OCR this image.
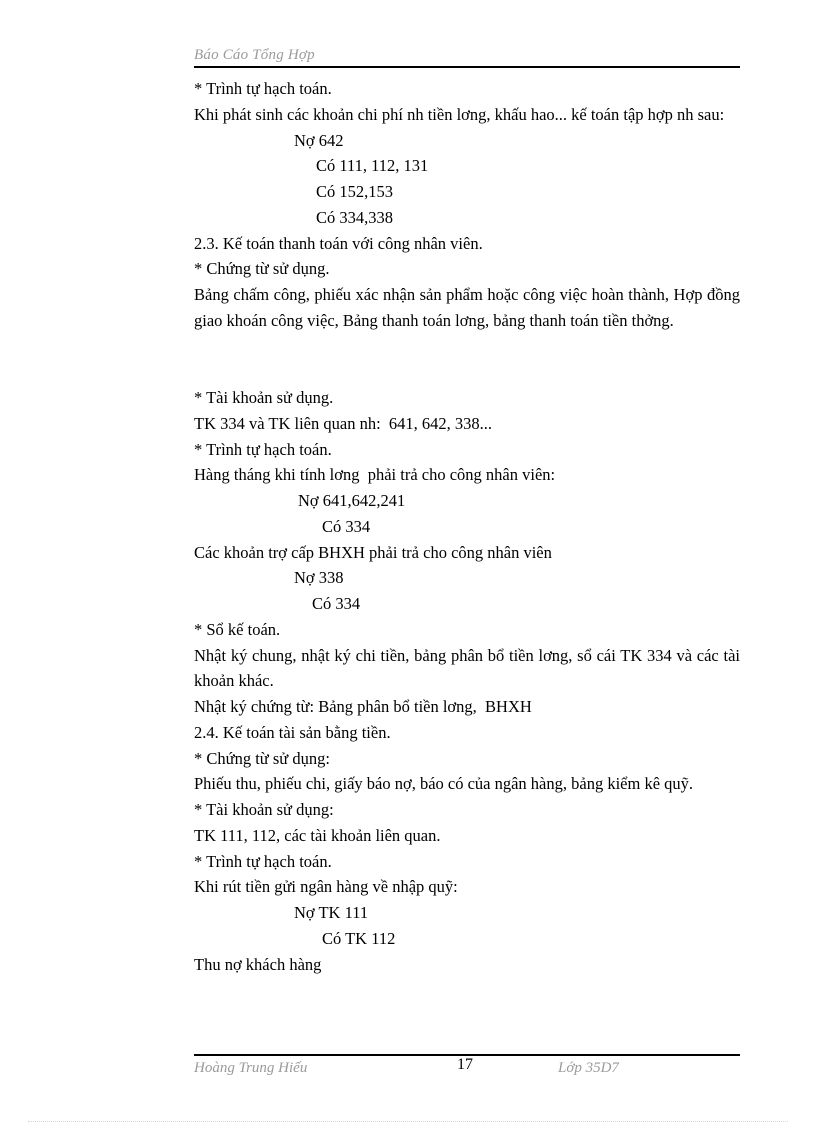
Báo Cáo Tổng Hợp
* Trình tự hạch toán.
Khi phát sinh các khoản chi phí nh tiền lơng, khấu hao... kế toán tập hợp nh sau:
Nợ 642
Có 111, 112, 131
Có 152,153
Có 334,338
2.3. Kế toán thanh toán với công nhân viên.
* Chứng từ sử dụng.
Bảng chấm công, phiếu xác nhận sản phẩm hoặc công việc hoàn thành, Hợp đồng giao khoán công việc, Bảng thanh toán lơng, bảng thanh toán tiền thởng.
* Tài khoản sử dụng.
TK 334 và TK liên quan nh:  641, 642, 338...
* Trình tự hạch toán.
Hàng tháng khi tính lơng  phải trả cho công nhân viên:
Nợ 641,642,241
Có 334
Các khoản trợ cấp BHXH phải trả cho công nhân viên
Nợ 338
Có 334
* Sổ kế toán.
Nhật ký chung, nhật ký chi tiền, bảng phân bổ tiền lơng, sổ cái TK 334 và các tài khoản khác.
Nhật ký chứng từ: Bảng phân bổ tiền lơng,  BHXH
2.4. Kế toán tài sản bằng tiền.
* Chứng từ sử dụng:
Phiếu thu, phiếu chi, giấy báo nợ, báo có của ngân hàng, bảng kiểm kê quỹ.
* Tài khoản sử dụng:
TK 111, 112, các tài khoản liên quan.
* Trình tự hạch toán.
Khi rút tiền gửi ngân hàng về nhập quỹ:
Nợ TK 111
Có TK 112
Thu nợ khách hàng
Hoàng Trung Hiếu	17	Lớp 35D7
